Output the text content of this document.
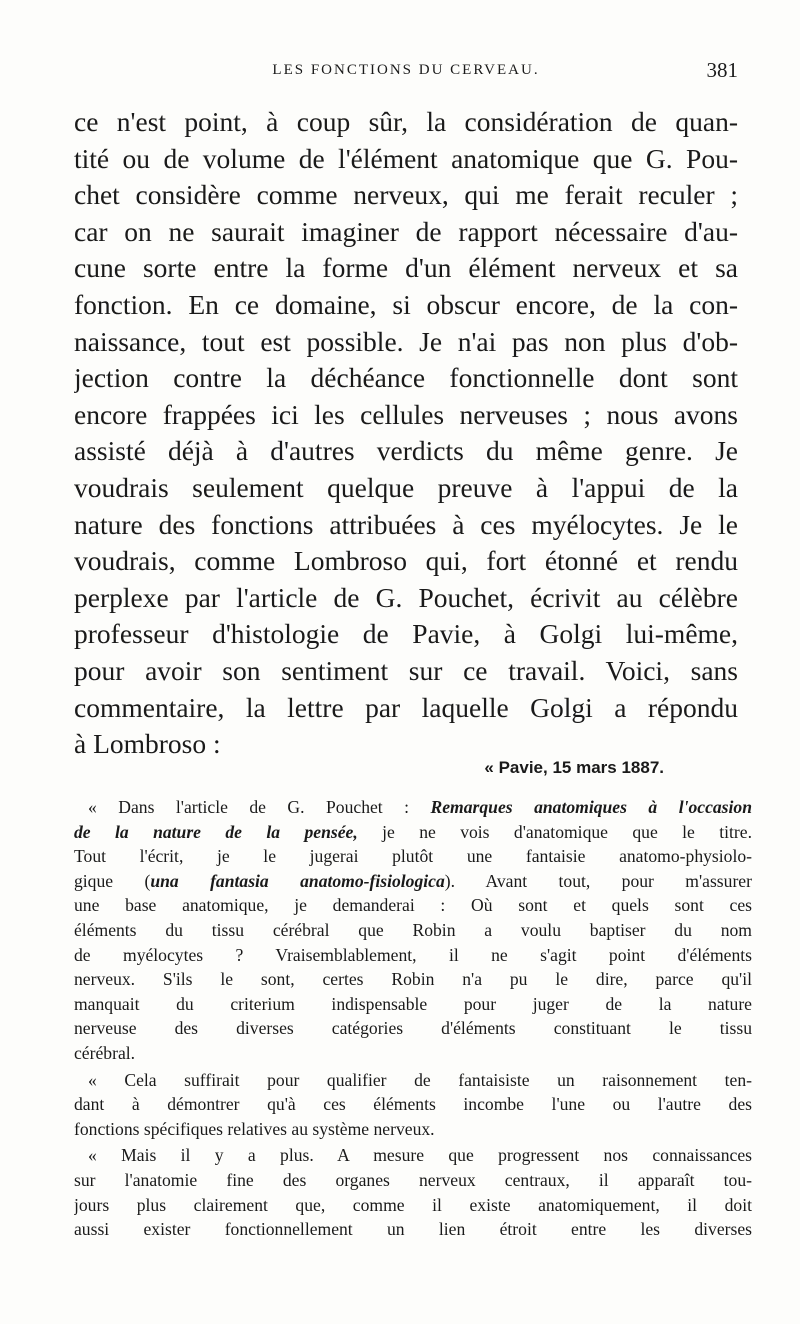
LES FONCTIONS DU CERVEAU.	381
ce n'est point, à coup sûr, la considération de quan-
tité ou de volume de l'élément anatomique que G. Pou-
chet considère comme nerveux, qui me ferait reculer ;
car on ne saurait imaginer de rapport nécessaire d'au-
cune sorte entre la forme d'un élément nerveux et sa
fonction. En ce domaine, si obscur encore, de la con-
naissance, tout est possible. Je n'ai pas non plus d'ob-
jection contre la déchéance fonctionnelle dont sont
encore frappées ici les cellules nerveuses ; nous avons
assisté déjà à d'autres verdicts du même genre. Je
voudrais seulement quelque preuve à l'appui de la
nature des fonctions attribuées à ces myélocytes. Je le
voudrais, comme Lombroso qui, fort étonné et rendu
perplexe par l'article de G. Pouchet, écrivit au célèbre
professeur d'histologie de Pavie, à Golgi lui-même,
pour avoir son sentiment sur ce travail. Voici, sans
commentaire, la lettre par laquelle Golgi a répondu
à Lombroso :
« Pavie, 15 mars 1887.
« Dans l'article de G. Pouchet : Remarques anatomiques à l'occasion
de la nature de la pensée, je ne vois d'anatomique que le titre.
Tout l'écrit, je le jugerai plutôt une fantaisie anatomo-physiolo-
gique (una fantasia anatomo-fisiologica). Avant tout, pour m'assurer
une base anatomique, je demanderai : Où sont et quels sont ces
éléments du tissu cérébral que Robin a voulu baptiser du nom
de myélocytes ? Vraisemblablement, il ne s'agit point d'éléments
nerveux. S'ils le sont, certes Robin n'a pu le dire, parce qu'il
manquait du criterium indispensable pour juger de la nature
nerveuse des diverses catégories d'éléments constituant le tissu
cérébral.
« Cela suffirait pour qualifier de fantaisiste un raisonnement ten-
dant à démontrer qu'à ces éléments incombe l'une ou l'autre des
fonctions spécifiques relatives au système nerveux.
« Mais il y a plus. A mesure que progressent nos connaissances
sur l'anatomie fine des organes nerveux centraux, il apparaît tou-
jours plus clairement que, comme il existe anatomiquement, il doit
aussi exister fonctionnellement un lien étroit entre les diverses
